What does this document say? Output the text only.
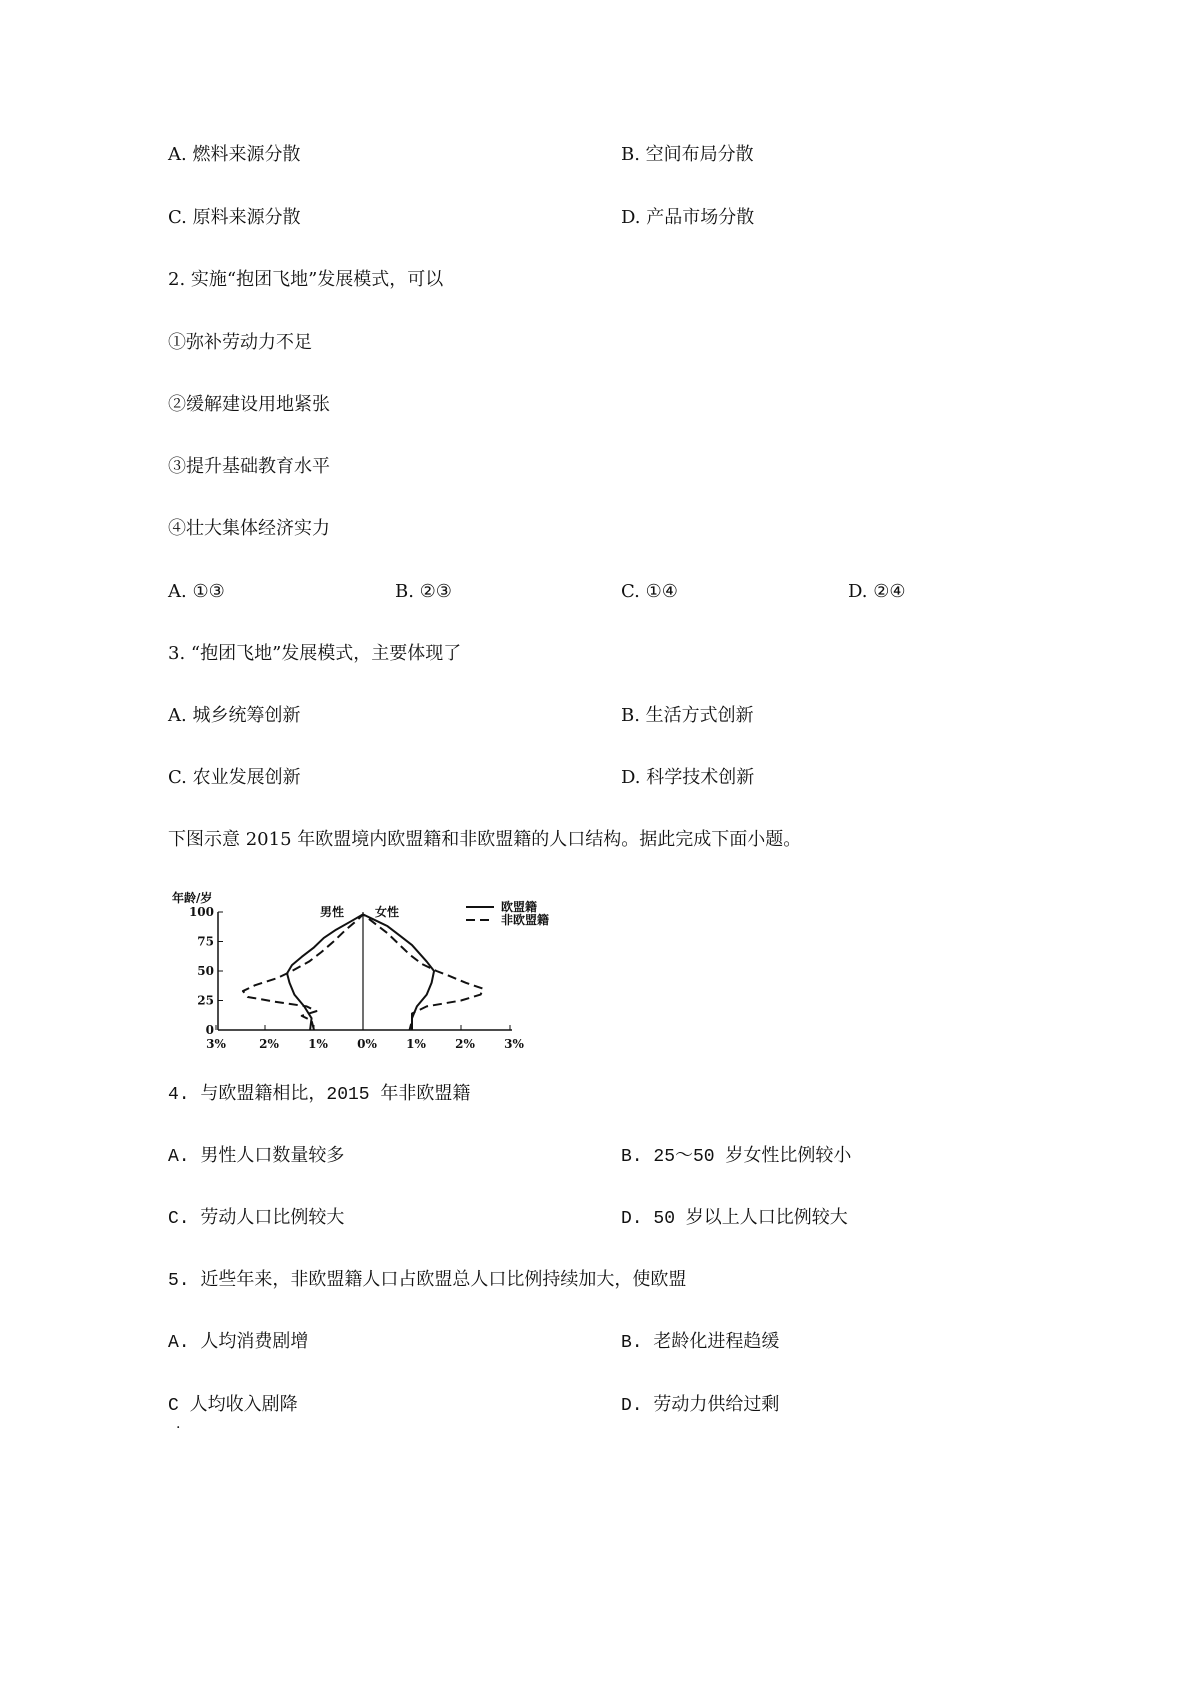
A. 燃料来源分散	B. 空间布局分散
C. 原料来源分散	D. 产品市场分散
2. 实施“抱团飞地”发展模式，可以
①弥补劳动力不足
②缓解建设用地紧张
③提升基础教育水平
④壮大集体经济实力
A. ①③	B. ②③	C. ①④	D. ②④
3. “抱团飞地”发展模式，主要体现了
A. 城乡统筹创新	B. 生活方式创新
C. 农业发展创新	D. 科学技术创新
下图示意 2015 年欧盟境内欧盟籍和非欧盟籍的人口结构。据此完成下面小题。
年龄/岁
0
25
50
75
100
3%	2% 1% 0% 1% 2% 3%
男性	女性	欧盟籍
非欧盟籍
4. 与欧盟籍相比，2015 年非欧盟籍
A. 男性人口数量较多	B. 25～50 岁女性比例较小
C. 劳动人口比例较大	D. 50 岁以上人口比例较大
5. 近些年来，非欧盟籍人口占欧盟总人口比例持续加大，使欧盟
A. 人均消费剧增	B. 老龄化进程趋缓
C 人均收入剧降	D. 劳动力供给过剩
.
